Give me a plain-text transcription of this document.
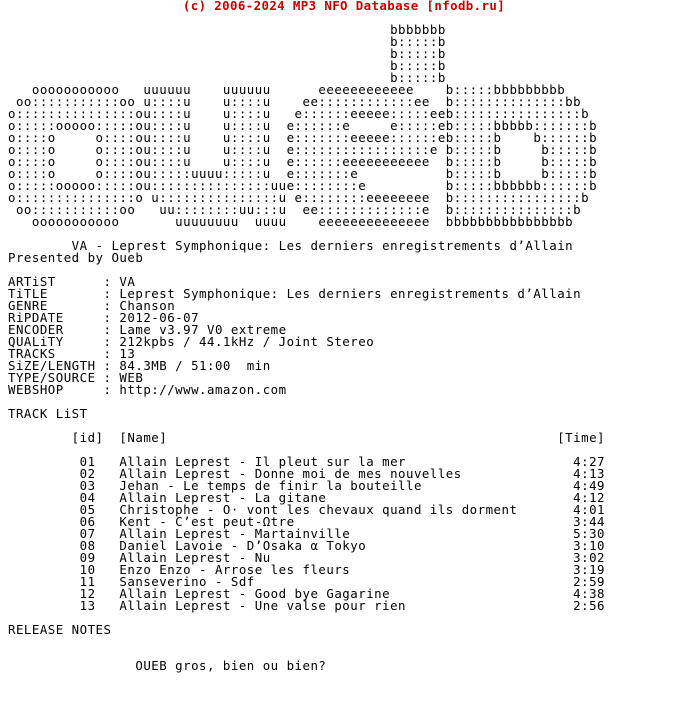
(c) 2006-2024 MP3 NFO Database [nfodb.ru]
bbbbbbb
b:::::b
b:::::b
b:::::b
b:::::b
ooooooooooo   uuuuuu    uuuuuu      eeeeeeeeeeee    b:::::bbbbbbbbb
oo:::::::::::oo u::::u    u::::u    ee::::::::::::ee  b::::::::::::::bb
o:::::::::::::::ou::::u    u::::u   e::::::eeeee:::::eeb::::::::::::::::b
o:::::ooooo:::::ou::::u    u::::u  e::::::e     e:::::eb:::::bbbbb:::::::b
o::::o     o::::ou::::u    u::::u  e:::::::eeeee::::::eb:::::b    b::::::b
o::::o     o::::ou::::u    u::::u  e:::::::::::::::::e b:::::b     b:::::b
o::::o     o::::ou::::u    u::::u  e::::::eeeeeeeeeee  b:::::b     b:::::b
o::::o     o::::ou:::::uuuu:::::u  e:::::::e           b:::::b     b:::::b
o:::::ooooo:::::ou:::::::::::::::uue::::::::e          b:::::bbbbbb::::::b
o:::::::::::::::o u:::::::::::::::u e::::::::eeeeeeee  b::::::::::::::::b
oo:::::::::::oo   uu::::::::uu:::u  ee:::::::::::::e  b:::::::::::::::b
ooooooooooo       uuuuuuuu  uuuu    eeeeeeeeeeeeee  bbbbbbbbbbbbbbbb
VA - Leprest Symphonique: Les derniers enregistrements d’Allain
Presented by Oueb
ARTiST      : VA
TiTLE       : Leprest Symphonique: Les derniers enregistrements d’Allain
GENRE       : Chanson
RiPDATE     : 2012-06-07
ENCODER     : Lame v3.97 V0 extreme
QUALiTY     : 212kpbs / 44.1kHz / Joint Stereo
TRACKS      : 13
SiZE/LENGTH : 84.3MB / 51:00  min
TYPE/SOURCE : WEB
WEBSHOP     : http://www.amazon.com
TRACK LiST
[id]  [Name]                                                 [Time]
01   Allain Leprest - Il pleut sur la mer                     4:27
02   Allain Leprest - Donne moi de mes nouvelles              4:13
03   Jehan - Le temps de finir la bouteille                   4:49
04   Allain Leprest - La gitane                               4:12
05   Christophe - O· vont les chevaux quand ils dorment       4:01
06   Kent - C’est peut-Ωtre                                   3:44
07   Allain Leprest - Martainville                            5:30
08   Daniel Lavoie - D’Osaka α Tokyo                          3:10
09   Allain Leprest - Nu                                      3:02
10   Enzo Enzo - Arrose les fleurs                            3:19
11   Sanseverino - Sdf                                        2:59
12   Allain Leprest - Good bye Gagarine                       4:38
13   Allain Leprest - Une valse pour rien                     2:56
RELEASE NOTES
OUEB gros, bien ou bien?
